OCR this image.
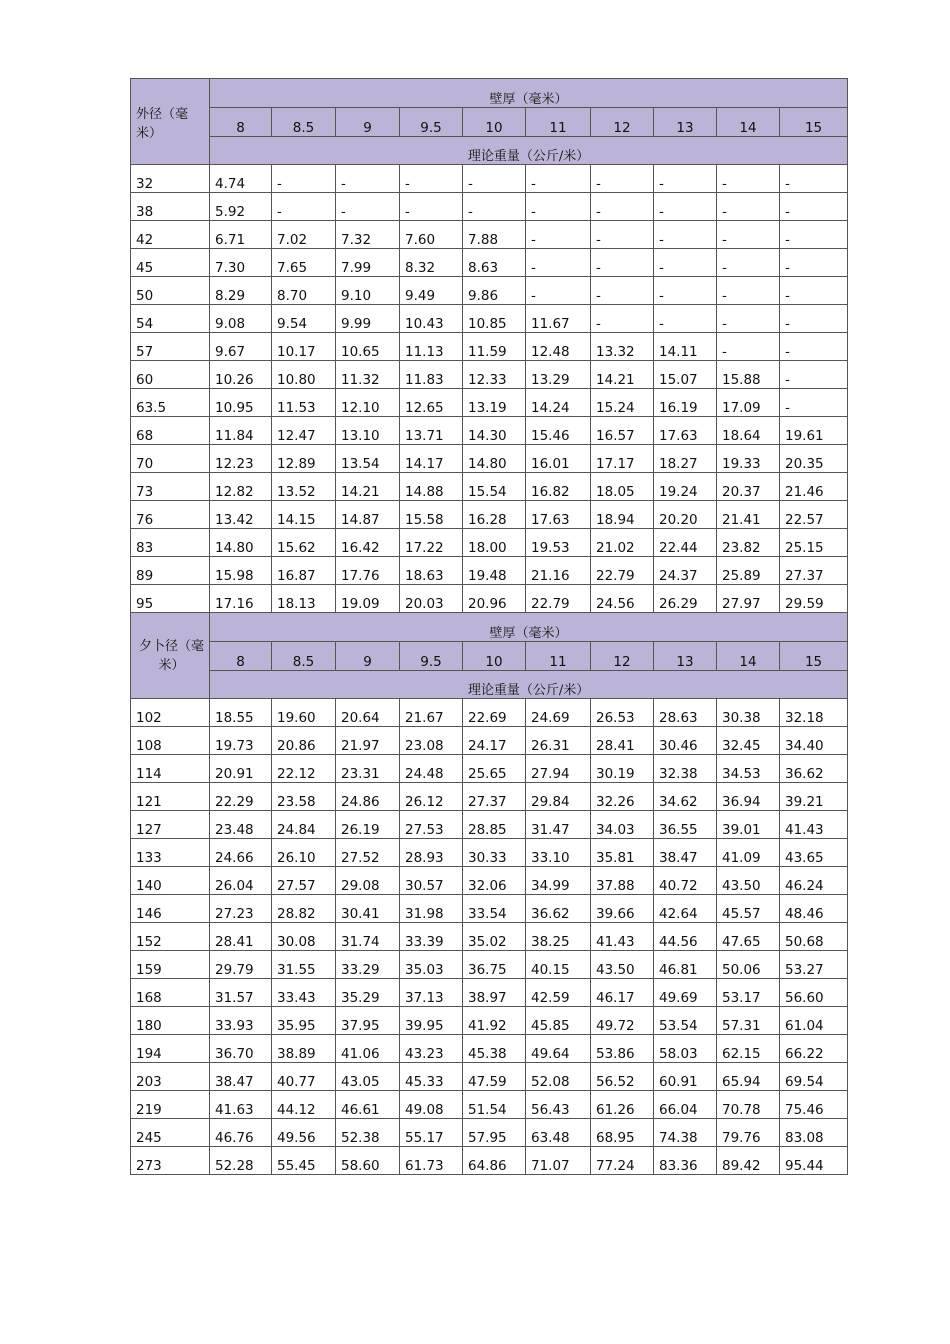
外径（毫米）	壁厚（毫米）									
	8	8.5	9	9.5	10	11	12	13	14	15
	理论重量（公斤/米）									
32	4.74	-	-	-	-	-	-	-	-	-
38	5.92	-	-	-	-	-	-	-	-	-
42	6.71	7.02	7.32	7.60	7.88	-	-	-	-	-
45	7.30	7.65	7.99	8.32	8.63	-	-	-	-	-
50	8.29	8.70	9.10	9.49	9.86	-	-	-	-	-
54	9.08	9.54	9.99	10.43	10.85	11.67	-	-	-	-
57	9.67	10.17	10.65	11.13	11.59	12.48	13.32	14.11	-	-
60	10.26	10.80	11.32	11.83	12.33	13.29	14.21	15.07	15.88	-
63.5	10.95	11.53	12.10	12.65	13.19	14.24	15.24	16.19	17.09	-
68	11.84	12.47	13.10	13.71	14.30	15.46	16.57	17.63	18.64	19.61
70	12.23	12.89	13.54	14.17	14.80	16.01	17.17	18.27	19.33	20.35
73	12.82	13.52	14.21	14.88	15.54	16.82	18.05	19.24	20.37	21.46
76	13.42	14.15	14.87	15.58	16.28	17.63	18.94	20.20	21.41	22.57
83	14.80	15.62	16.42	17.22	18.00	19.53	21.02	22.44	23.82	25.15
89	15.98	16.87	17.76	18.63	19.48	21.16	22.79	24.37	25.89	27.37
95	17.16	18.13	19.09	20.03	20.96	22.79	24.56	26.29	27.97	29.59
夕卜径（毫米）	壁厚（毫米）									
	8	8.5	9	9.5	10	11	12	13	14	15
	理论重量（公斤/米）									
102	18.55	19.60	20.64	21.67	22.69	24.69	26.53	28.63	30.38	32.18
108	19.73	20.86	21.97	23.08	24.17	26.31	28.41	30.46	32.45	34.40
114	20.91	22.12	23.31	24.48	25.65	27.94	30.19	32.38	34.53	36.62
121	22.29	23.58	24.86	26.12	27.37	29.84	32.26	34.62	36.94	39.21
127	23.48	24.84	26.19	27.53	28.85	31.47	34.03	36.55	39.01	41.43
133	24.66	26.10	27.52	28.93	30.33	33.10	35.81	38.47	41.09	43.65
140	26.04	27.57	29.08	30.57	32.06	34.99	37.88	40.72	43.50	46.24
146	27.23	28.82	30.41	31.98	33.54	36.62	39.66	42.64	45.57	48.46
152	28.41	30.08	31.74	33.39	35.02	38.25	41.43	44.56	47.65	50.68
159	29.79	31.55	33.29	35.03	36.75	40.15	43.50	46.81	50.06	53.27
168	31.57	33.43	35.29	37.13	38.97	42.59	46.17	49.69	53.17	56.60
180	33.93	35.95	37.95	39.95	41.92	45.85	49.72	53.54	57.31	61.04
194	36.70	38.89	41.06	43.23	45.38	49.64	53.86	58.03	62.15	66.22
203	38.47	40.77	43.05	45.33	47.59	52.08	56.52	60.91	65.94	69.54
219	41.63	44.12	46.61	49.08	51.54	56.43	61.26	66.04	70.78	75.46
245	46.76	49.56	52.38	55.17	57.95	63.48	68.95	74.38	79.76	83.08
273	52.28	55.45	58.60	61.73	64.86	71.07	77.24	83.36	89.42	95.44
